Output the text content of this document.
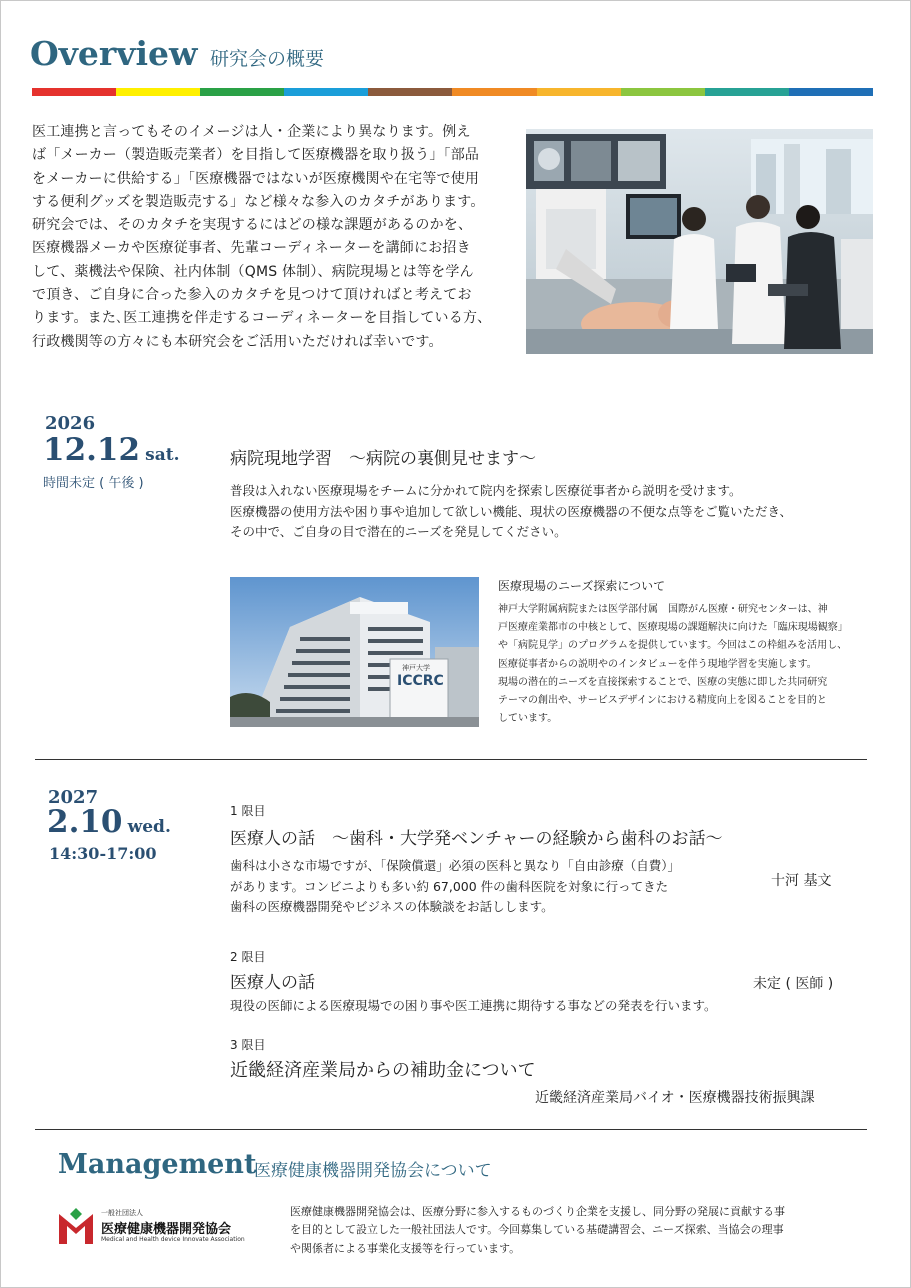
Overview 研究会の概要
医工連携と言ってもそのイメージは人・企業により異なります。例え
ば「メーカー（製造販売業者）を目指して医療機器を取り扱う」「部品
をメーカーに供給する」「医療機器ではないが医療機関や在宅等で使用
する便利グッズを製造販売する」など様々な参入のカタチがあります。
研究会では、そのカタチを実現するにはどの様な課題があるのかを、
医療機器メーカや医療従事者、先輩コーディネーターを講師にお招き
して、薬機法や保険、社内体制（QMS 体制）、病院現場とは等を学ん
で頂き、ご自身に合った参入のカタチを見つけて頂ければと考えてお
ります。また､医工連携を伴走するコーディネーターを目指している方、
行政機関等の方々にも本研究会をご活用いただければ幸いです。
2026
12.12 sat.
時間未定 ( 午後 )
病院現地学習　～病院の裏側見せます～
普段は入れない医療現場をチームに分かれて院内を探索し医療従事者から説明を受けます。
医療機器の使用方法や困り事や追加して欲しい機能、現状の医療機器の不便な点等をご覧いただき、
その中で、ご自身の目で潜在的ニーズを発見してください。
神戸大学
ICCRC
医療現場のニーズ探索について
神戸大学附属病院または医学部付属　国際がん医療・研究センターは、神
戸医療産業都市の中核として、医療現場の課題解決に向けた「臨床現場観察」
や「病院見学」のプログラムを提供しています。今回はこの枠組みを活用し、
医療従事者からの説明やのインタビューを伴う現地学習を実施します。
現場の潜在的ニーズを直接探索することで、医療の実態に即した共同研究
テーマの創出や、サービスデザインにおける精度向上を図ることを目的と
しています。
2027
2.10 wed.
14:30-17:00
1 限目
医療人の話　～歯科・大学発ベンチャーの経験から歯科のお話～
歯科は小さな市場ですが、「保険償還」必須の医科と異なり「自由診療（自費）」
があります。コンビニよりも多い約 67,000 件の歯科医院を対象に行ってきた
歯科の医療機器開発やビジネスの体験談をお話しします。
十河 基文
2 限目
医療人の話	未定 ( 医師 )
現役の医師による医療現場での困り事や医工連携に期待する事などの発表を行います。
3 限目
近畿経済産業局からの補助金について
近畿経済産業局バイオ・医療機器技術振興課
Management
医療健康機器開発協会について
一般社団法人
医療健康機器開発協会
Medical and Health device Innovate Association
医療健康機器開発協会は、医療分野に参入するものづくり企業を支援し、同分野の発展に貢献する事
を目的として設立した一般社団法人です。今回募集している基礎講習会、ニーズ探索、当協会の理事
や関係者による事業化支援等を行っています。
